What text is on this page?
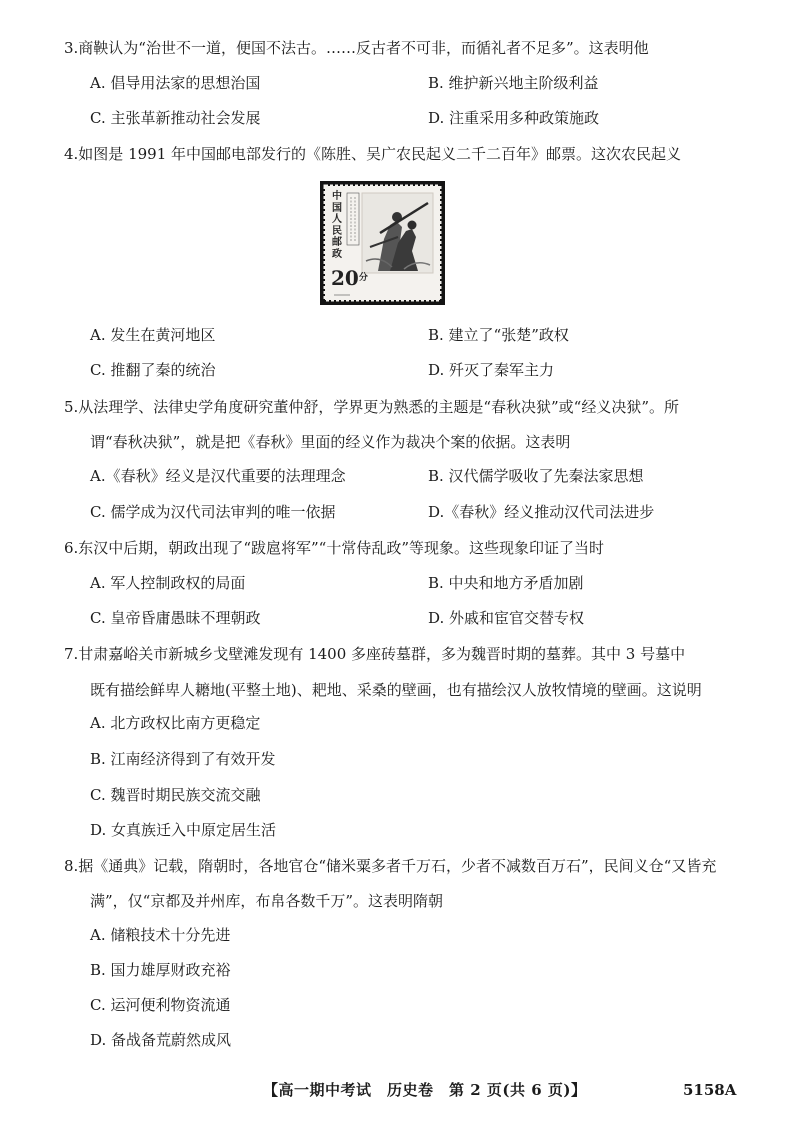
3.商鞅认为“治世不一道，便国不法古。……反古者不可非，而循礼者不足多”。这表明他
A. 倡导用法家的思想治国	B. 维护新兴地主阶级利益
C. 主张革新推动社会发展	D. 注重采用多种政策施政
4.如图是 1991 年中国邮电部发行的《陈胜、吴广农民起义二千二百年》邮票。这次农民起义
中国人民邮政
$20^分$
A. 发生在黄河地区	B. 建立了“张楚”政权
C. 推翻了秦的统治	D. 歼灭了秦军主力
5.从法理学、法律史学角度研究董仲舒，学界更为熟悉的主题是“春秋决狱”或“经义决狱”。所
谓“春秋决狱”，就是把《春秋》里面的经义作为裁决个案的依据。这表明
A.《春秋》经义是汉代重要的法理理念	B. 汉代儒学吸收了先秦法家思想
C. 儒学成为汉代司法审判的唯一依据	D.《春秋》经义推动汉代司法进步
6.东汉中后期，朝政出现了“跋扈将军”“十常侍乱政”等现象。这些现象印证了当时
A. 军人控制政权的局面	B. 中央和地方矛盾加剧
C. 皇帝昏庸愚昧不理朝政	D. 外戚和宦官交替专权
7.甘肃嘉峪关市新城乡戈壁滩发现有 1400 多座砖墓群，多为魏晋时期的墓葬。其中 3 号墓中
既有描绘鲜卑人耱地(平整土地)、耙地、采桑的壁画，也有描绘汉人放牧情境的壁画。这说明
A. 北方政权比南方更稳定
B. 江南经济得到了有效开发
C. 魏晋时期民族交流交融
D. 女真族迁入中原定居生活
8.据《通典》记载，隋朝时，各地官仓“储米粟多者千万石，少者不减数百万石”，民间义仓“又皆充
满”，仅“京都及并州库，布帛各数千万”。这表明隋朝
A. 储粮技术十分先进
B. 国力雄厚财政充裕
C. 运河便利物资流通
D. 备战备荒蔚然成风
【高一期中考试　历史卷　第 2 页(共 6 页)】	5158A
